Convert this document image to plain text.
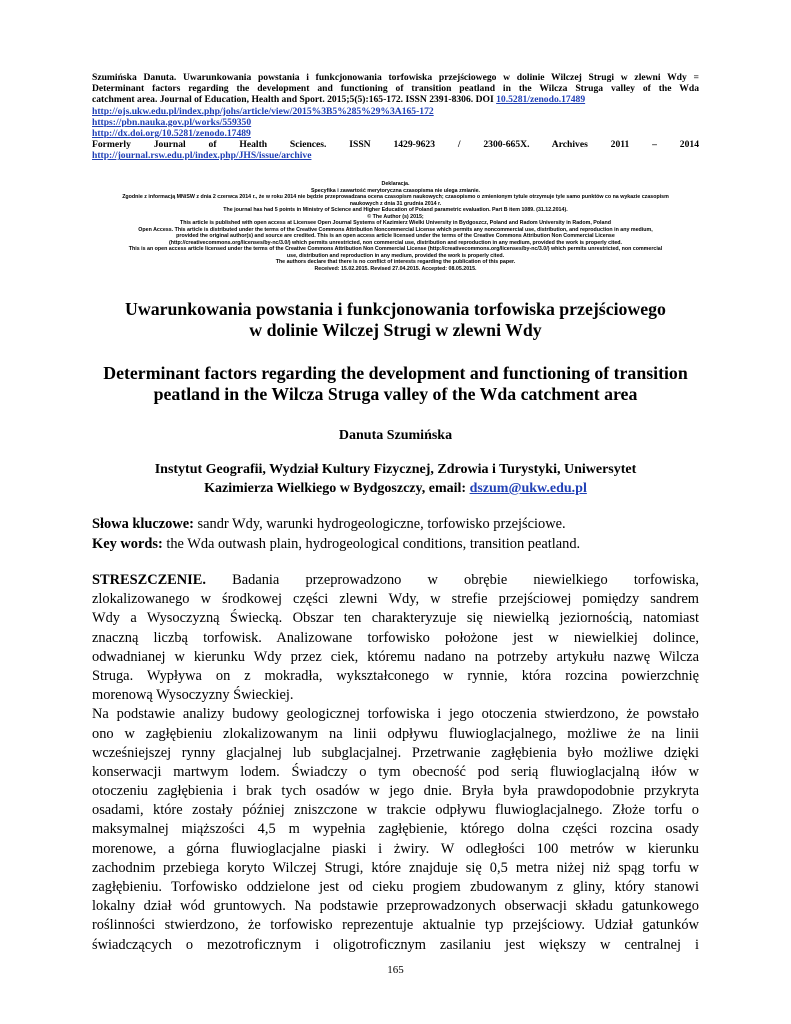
Szumińska Danuta. Uwarunkowania powstania i funkcjonowania torfowiska przejściowego w dolinie Wilczej Strugi w zlewni Wdy =
Determinant factors regarding the development and functioning of transition peatland in the Wilcza Struga valley of the Wda
catchment area. Journal of Education, Health and Sport. 2015;5(5):165-172. ISSN 2391-8306. DOI 10.5281/zenodo.17489
http://ojs.ukw.edu.pl/index.php/johs/article/view/2015%3B5%285%29%3A165-172
https://pbn.nauka.gov.pl/works/559350
http://dx.doi.org/10.5281/zenodo.17489
Formerly Journal of Health Sciences. ISSN 1429-9623 / 2300-665X. Archives 2011 – 2014
http://journal.rsw.edu.pl/index.php/JHS/issue/archive
Deklaracja.
Specyfika i zawartość merytoryczna czasopisma nie ulega zmianie.
Zgodnie z informacją MNiSW z dnia 2 czerwca 2014 r., że w roku 2014 nie będzie przeprowadzana ocena czasopism naukowych; czasopismo o zmienionym tytule otrzymuje tyle samo punktów co na wykazie czasopism
naukowych z dnia 31 grudnia 2014 r.
The journal has had 5 points in Ministry of Science and Higher Education of Poland parametric evaluation. Part B item 1089. (31.12.2014).
© The Author (s) 2015;
This article is published with open access at Licensee Open Journal Systems of Kazimierz Wielki University in Bydgoszcz, Poland and Radom University in Radom, Poland
Open Access. This article is distributed under the terms of the Creative Commons Attribution Noncommercial License which permits any noncommercial use, distribution, and reproduction in any medium,
provided the original author(s) and source are credited. This is an open access article licensed under the terms of the Creative Commons Attribution Non Commercial License
(http://creativecommons.org/licenses/by-nc/3.0/) which permits unrestricted, non commercial use, distribution and reproduction in any medium, provided the work is properly cited.
This is an open access article licensed under the terms of the Creative Commons Attribution Non Commercial License (http://creativecommons.org/licenses/by-nc/3.0/) which permits unrestricted, non commercial
use, distribution and reproduction in any medium, provided the work is properly cited.
The authors declare that there is no conflict of interests regarding the publication of this paper.
Received: 15.02.2015. Revised 27.04.2015. Accepted: 08.05.2015.
Uwarunkowania powstania i funkcjonowania torfowiska przejściowego
w dolinie Wilczej Strugi w zlewni Wdy
Determinant factors regarding the development and functioning of transition
peatland in the Wilcza Struga valley of the Wda catchment area
Danuta Szumińska
Instytut Geografii, Wydział Kultury Fizycznej, Zdrowia i Turystyki, Uniwersytet
Kazimierza Wielkiego w Bydgoszczy, email: dszum@ukw.edu.pl
Słowa kluczowe: sandr Wdy, warunki hydrogeologiczne, torfowisko przejściowe.
Key words: the Wda outwash plain, hydrogeological conditions, transition peatland.
STRESZCZENIE. Badania przeprowadzono w obrębie niewielkiego torfowiska,
zlokalizowanego w środkowej części zlewni Wdy, w strefie przejściowej pomiędzy sandrem
Wdy a Wysoczyzną Świecką. Obszar ten charakteryzuje się niewielką jeziornością, natomiast
znaczną liczbą torfowisk. Analizowane torfowisko położone jest w niewielkiej dolince,
odwadnianej w kierunku Wdy przez ciek, któremu nadano na potrzeby artykułu nazwę Wilcza
Struga. Wypływa on z mokradła, wykształconego w rynnie, która rozcina powierzchnię
morenową Wysoczyzny Świeckiej.
Na podstawie analizy budowy geologicznej torfowiska i jego otoczenia stwierdzono, że powstało
ono w zagłębieniu zlokalizowanym na linii odpływu fluwioglacjalnego, możliwe że na linii
wcześniejszej rynny glacjalnej lub subglacjalnej. Przetrwanie zagłębienia było możliwe dzięki
konserwacji martwym lodem. Świadczy o tym obecność pod serią fluwioglacjalną iłów w
otoczeniu zagłębienia i brak tych osadów w jego dnie. Bryła była prawdopodobnie przykryta
osadami, które zostały później zniszczone w trakcie odpływu fluwioglacjalnego. Złoże torfu o
maksymalnej miąższości 4,5 m wypełnia zagłębienie, którego dolna części rozcina osady
morenowe, a górna fluwioglacjalne piaski i żwiry. W odległości 100 metrów w kierunku
zachodnim przebiega koryto Wilczej Strugi, które znajduje się 0,5 metra niżej niż spąg torfu w
zagłębieniu. Torfowisko oddzielone jest od cieku progiem zbudowanym z gliny, który stanowi
lokalny dział wód gruntowych. Na podstawie przeprowadzonych obserwacji składu gatunkowego
roślinności stwierdzono, że torfowisko reprezentuje aktualnie typ przejściowy. Udział gatunków
świadczących o mezotroficznym i oligotroficznym zasilaniu jest większy w centralnej i
165
